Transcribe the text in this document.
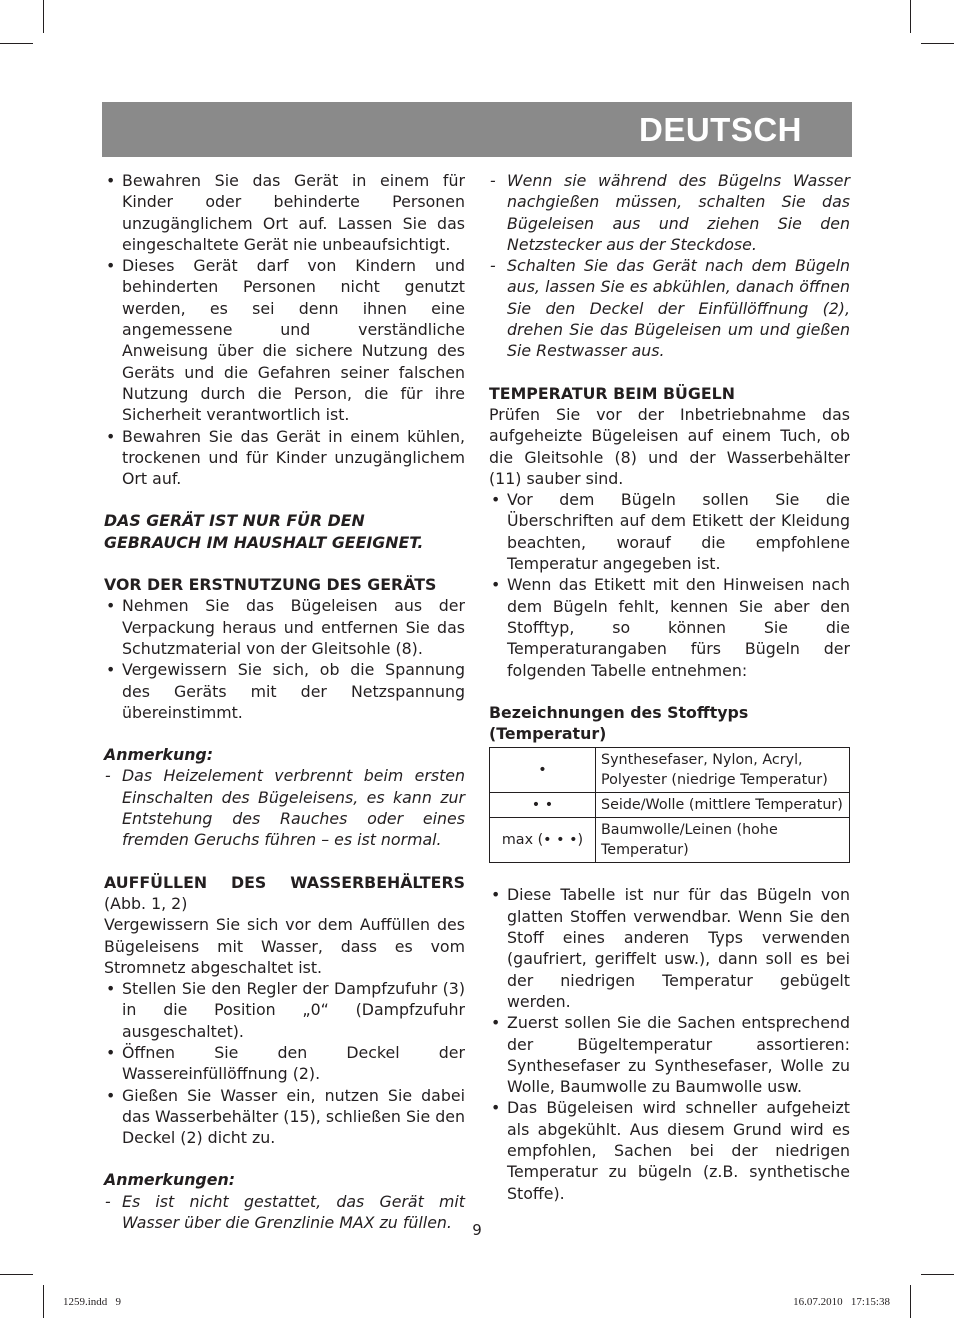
DEUTSCH
• Bewahren Sie das Gerät in einem für Kinder oder behinderte Personen unzugänglichem Ort auf. Lassen Sie das eingeschaltete Gerät nie unbeaufsichtigt.
• Dieses Gerät darf von Kindern und behinderten Personen nicht genutzt werden, es sei denn ihnen eine angemessene und verständliche Anweisung über die sichere Nutzung des Geräts und die Gefahren seiner falschen Nutzung durch die Person, die für ihre Sicherheit verantwortlich ist.
• Bewahren Sie das Gerät in einem kühlen, trockenen und für Kinder unzugänglichem Ort auf.

DAS GERÄT IST NUR FÜR DEN

GEBRAUCH IM HAUSHALT GEEIGNET.

VOR DER ERSTNUTZUNG DES GERÄTS

• Nehmen Sie das Bügeleisen aus der Verpackung heraus und entfernen Sie das Schutzmaterial von der Gleitsohle (8).
• Vergewissern Sie sich, ob die Spannung des Geräts mit der Netzspannung übereinstimmt.

Anmerkung:

- Das Heizelement verbrennt beim ersten Einschalten des Bügeleisens, es kann zur Entstehung des Rauches oder eines fremden Geruchs führen – es ist normal.

AUFFÜLLEN DES WASSERBEHÄLTERS

(Abb. 1, 2)

Vergewissern Sie sich vor dem Auffüllen des Bügeleisens mit Wasser, dass es vom Stromnetz abgeschaltet ist.

• Stellen Sie den Regler der Dampfzufuhr (3) in die Position „0“ (Dampfzufuhr ausgeschaltet).
• Öffnen Sie den Deckel der Wassereinfüllöffnung (2).
• Gießen Sie Wasser ein, nutzen Sie dabei das Wasserbehälter (15), schließen Sie den Deckel (2) dicht zu.

Anmerkungen:

- Es ist nicht gestattet, das Gerät mit Wasser über die Grenzlinie MAX zu füllen.
- Wenn sie während des Bügelns Wasser nachgießen müssen, schalten Sie das Bügeleisen aus und ziehen Sie den Netzstecker aus der Steckdose.
- Schalten Sie das Gerät nach dem Bügeln aus, lassen Sie es abkühlen, danach öffnen Sie den Deckel der Einfüllöffnung (2), drehen Sie das Bügeleisen um und gießen Sie Restwasser aus.

TEMPERATUR BEIM BÜGELN

Prüfen Sie vor der Inbetriebnahme das aufgeheizte Bügeleisen auf einem Tuch, ob die Gleitsohle (8) und der Wasserbehälter (11) sauber sind.

• Vor dem Bügeln sollen Sie die Überschriften auf dem Etikett der Kleidung beachten, worauf die empfohlene Temperatur angegeben ist.
• Wenn das Etikett mit den Hinweisen nach dem Bügeln fehlt, kennen Sie aber den Stofftyp, so können Sie die Temperaturangaben fürs Bügeln der folgenden Tabelle entnehmen:

Bezeichnungen des Stofftyps

(Temperatur)

•	Synthesefaser, Nylon, Acryl, Polyester (niedrige Temperatur)
• •	Seide/Wolle (mittlere Temperatur)
max (• • •)	Baumwolle/Leinen (hohe Temperatur)
• Diese Tabelle ist nur für das Bügeln von glatten Stoffen verwendbar. Wenn Sie den Stoff eines anderen Typs verwenden (gaufriert, geriffelt usw.), dann soll es bei der niedrigen Temperatur gebügelt werden.
• Zuerst sollen Sie die Sachen entsprechend der Bügeltemperatur assortieren: Synthesefaser zu Synthesefaser, Wolle zu Wolle, Baumwolle zu Baumwolle usw.
• Das Bügeleisen wird schneller aufgeheizt als abgekühlt. Aus diesem Grund wird es empfohlen, Sachen bei der niedrigen Temperatur zu bügeln (z.B. synthetische Stoffe).
9
1259.indd   9	16.07.2010   17:15:38
